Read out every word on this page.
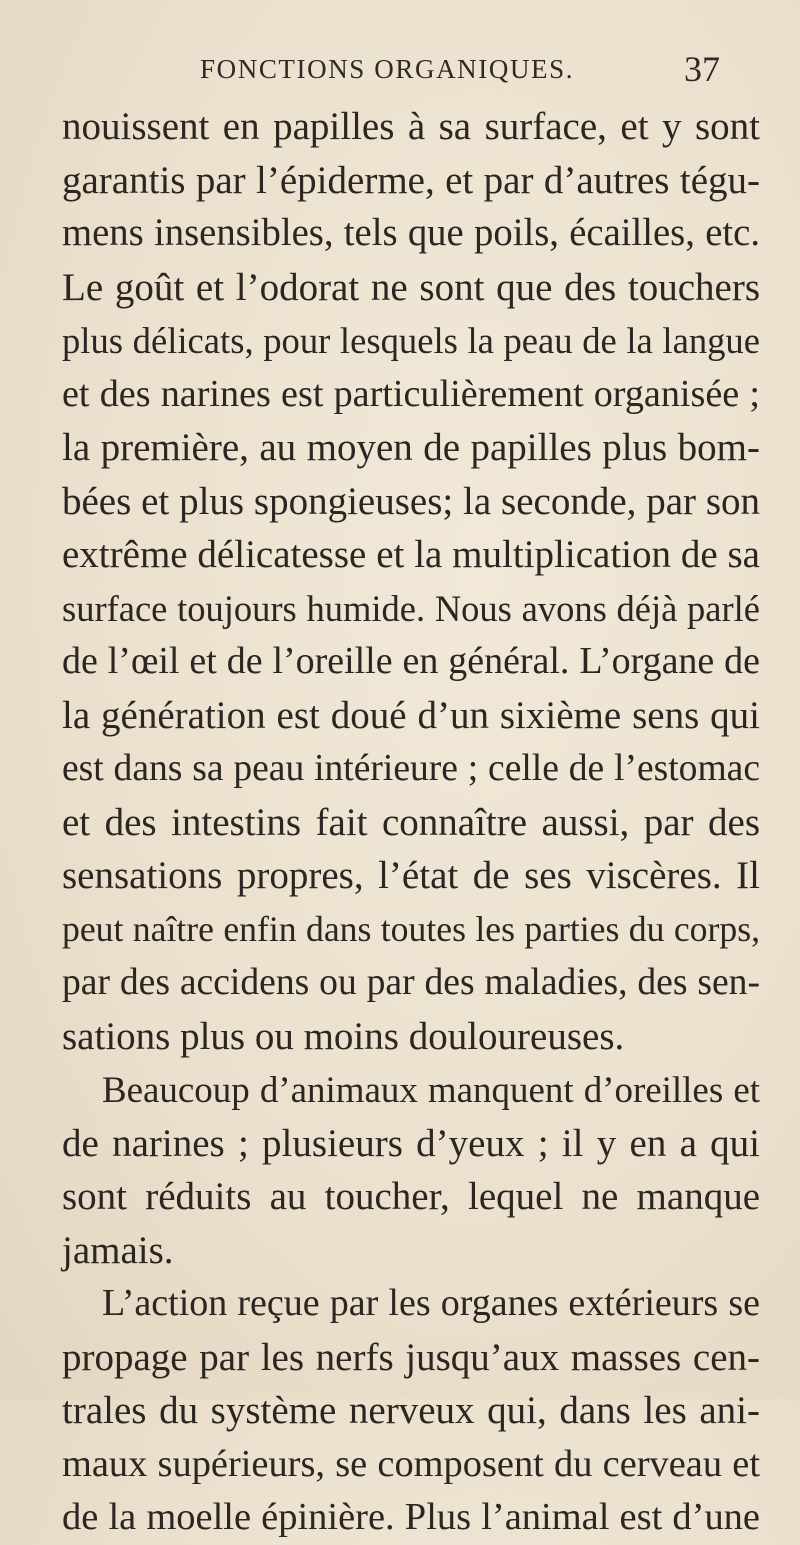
FONCTIONS ORGANIQUES.	37
nouissent en papilles à sa surface, et y sont
garantis par l’épiderme, et par d’autres tégu-
mens insensibles, tels que poils, écailles, etc.
Le goût et l’odorat ne sont que des touchers
plus délicats, pour lesquels la peau de la langue
et des narines est particulièrement organisée ;
la première, au moyen de papilles plus bom-
bées et plus spongieuses; la seconde, par son
extrême délicatesse et la multiplication de sa
surface toujours humide. Nous avons déjà parlé
de l’œil et de l’oreille en général. L’organe de
la génération est doué d’un sixième sens qui
est dans sa peau intérieure ; celle de l’estomac
et des intestins fait connaître aussi, par des
sensations propres, l’état de ses viscères. Il
peut naître enfin dans toutes les parties du corps,
par des accidens ou par des maladies, des sen-
sations plus ou moins douloureuses.
Beaucoup d’animaux manquent d’oreilles et
de narines ; plusieurs d’yeux ; il y en a qui
sont réduits au toucher, lequel ne manque
jamais.
L’action reçue par les organes extérieurs se
propage par les nerfs jusqu’aux masses cen-
trales du système nerveux qui, dans les ani-
maux supérieurs, se composent du cerveau et
de la moelle épinière. Plus l’animal est d’une
